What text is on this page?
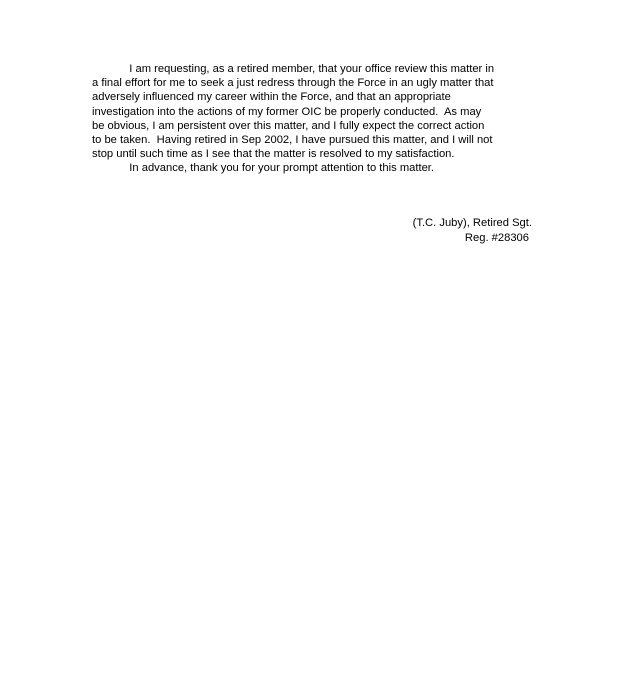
I am requesting, as a retired member, that your office review this matter in
a final effort for me to seek a just redress through the Force in an ugly matter that
adversely influenced my career within the Force, and that an appropriate
investigation into the actions of my former OIC be properly conducted.  As may
be obvious, I am persistent over this matter, and I fully expect the correct action
to be taken.  Having retired in Sep 2002, I have pursued this matter, and I will not
stop until such time as I see that the matter is resolved to my satisfaction.
In advance, thank you for your prompt attention to this matter.
(T.C. Juby), Retired Sgt.
Reg. #28306
